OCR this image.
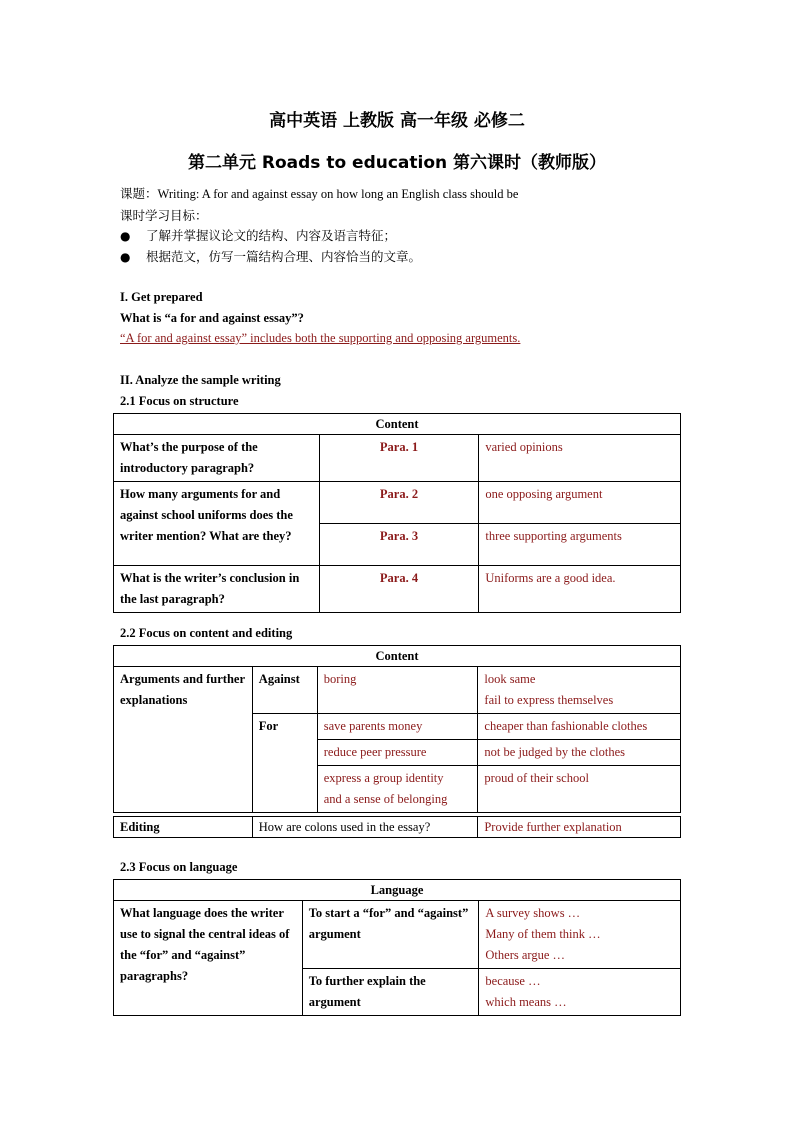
高中英语 上教版 高一年级 必修二
第二单元 Roads to education 第六课时（教师版）
课题：Writing: A for and against essay on how long an English class should be
课时学习目标：
● 了解并掌握议论文的结构、内容及语言特征；
● 根据范文，仿写一篇结构合理、内容恰当的文章。
I. Get prepared
What is “a for and against essay”?
“A for and against essay” includes both the supporting and opposing arguments.
II. Analyze the sample writing
2.1 Focus on structure
Content		
What’s the purpose of the introductory paragraph?	Para. 1	varied opinions
How many arguments for and against school uniforms does the writer mention? What are they?	Para. 2	one opposing argument
	Para. 3	three supporting arguments
What is the writer’s conclusion in the last paragraph?	Para. 4	Uniforms are a good idea.
2.2 Focus on content and editing
Content			
Arguments and further explanations	Against	boring	look same
fail to express themselves

	For	save parents money	cheaper than fashionable clothes
		reduce peer pressure	not be judged by the clothes

		express a group identity
and a sense of belonging	proud of their school
Editing	How are colons used in the essay?	Provide further explanation
2.3 Focus on language
Language		
What language does the writer use to signal the central ideas of the “for” and “against” paragraphs?	To start a “for” and “against” argument	A survey shows …
Many of them think …
Others argue …

	To further explain the argument	because …
which means …
